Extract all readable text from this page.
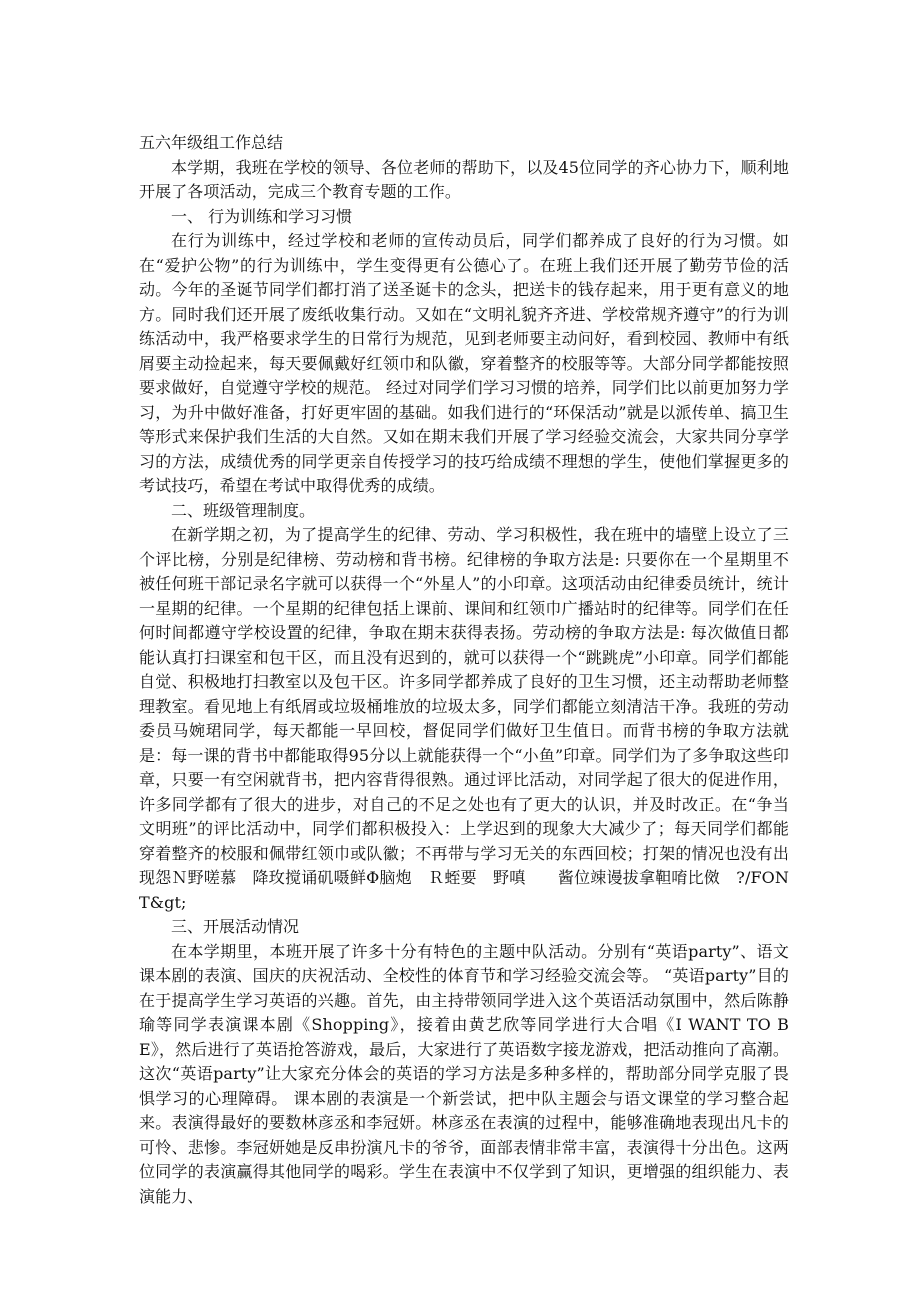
五六年级组工作总结

本学期，我班在学校的领导、各位老师的帮助下，以及45位同学的齐心协力下，顺利地开展了各项活动，完成三个教育专题的工作。

一、 行为训练和学习习惯

在行为训练中，经过学校和老师的宣传动员后，同学们都养成了良好的行为习惯。如在“爱护公物”的行为训练中，学生变得更有公德心了。在班上我们还开展了勤劳节俭的活动。今年的圣诞节同学们都打消了送圣诞卡的念头，把送卡的钱存起来，用于更有意义的地方。同时我们还开展了废纸收集行动。又如在“文明礼貌齐齐进、学校常规齐遵守”的行为训练活动中，我严格要求学生的日常行为规范，见到老师要主动问好，看到校园、教师中有纸屑要主动捡起来，每天要佩戴好红领巾和队徽，穿着整齐的校服等等。大部分同学都能按照要求做好，自觉遵守学校的规范。 经过对同学们学习习惯的培养，同学们比以前更加努力学习，为升中做好准备，打好更牢固的基础。如我们进行的“环保活动”就是以派传单、搞卫生等形式来保护我们生活的大自然。又如在期末我们开展了学习经验交流会，大家共同分享学习的方法，成绩优秀的同学更亲自传授学习的技巧给成绩不理想的学生，使他们掌握更多的考试技巧，希望在考试中取得优秀的成绩。

二、班级管理制度。

在新学期之初，为了提高学生的纪律、劳动、学习积极性，我在班中的墙壁上设立了三个评比榜，分别是纪律榜、劳动榜和背书榜。纪律榜的争取方法是: 只要你在一个星期里不被任何班干部记录名字就可以获得一个“外星人”的小印章。这项活动由纪律委员统计，统计一星期的纪律。一个星期的纪律包括上课前、课间和红领巾广播站时的纪律等。同学们在任何时间都遵守学校设置的纪律，争取在期末获得表扬。劳动榜的争取方法是: 每次做值日都能认真打扫课室和包干区，而且没有迟到的，就可以获得一个“跳跳虎”小印章。同学们都能自觉、积极地打扫教室以及包干区。许多同学都养成了良好的卫生习惯，还主动帮助老师整理教室。看见地上有纸屑或垃圾桶堆放的垃圾太多，同学们都能立刻清洁干净。我班的劳动委员马婉珺同学，每天都能一早回校，督促同学们做好卫生值日。而背书榜的争取方法就是：每一课的背书中都能取得95分以上就能获得一个“小鱼”印章。同学们为了多争取这些印章，只要一有空闲就背书，把内容背得很熟。通过评比活动，对同学起了很大的促进作用，许多同学都有了很大的进步，对自己的不足之处也有了更大的认识，并及时改正。在“争当文明班”的评比活动中，同学们都积极投入：上学迟到的现象大大减少了；每天同学们都能穿着整齐的校服和佩带红领巾或队徽；不再带与学习无关的东西回校；打架的情况也没有出现怨Ｎ野嗟慕　降玫搅诵矶嗫鲜Φ脑炮　Ｒ蛭要　野嗔　　酱位竦谩拔拿靼唷比傚　?/FONT&gt;

三、开展活动情况

在本学期里，本班开展了许多十分有特色的主题中队活动。分别有“英语party”、语文课本剧的表演、国庆的庆祝活动、全校性的体育节和学习经验交流会等。 “英语party”目的在于提高学生学习英语的兴趣。首先，由主持带领同学进入这个英语活动氛围中，然后陈静瑜等同学表演课本剧《Shopping》，接着由黄艺欣等同学进行大合唱《I WANT TO BE》，然后进行了英语抢答游戏，最后，大家进行了英语数字接龙游戏，把活动推向了高潮。这次“英语party”让大家充分体会的英语的学习方法是多种多样的，帮助部分同学克服了畏惧学习的心理障碍。 课本剧的表演是一个新尝试，把中队主题会与语文课堂的学习整合起来。表演得最好的要数林彦丞和李冠妍。林彦丞在表演的过程中，能够准确地表现出凡卡的可怜、悲惨。李冠妍她是反串扮演凡卡的爷爷，面部表情非常丰富，表演得十分出色。这两位同学的表演赢得其他同学的喝彩。学生在表演中不仅学到了知识，更增强的组织能力、表演能力、
